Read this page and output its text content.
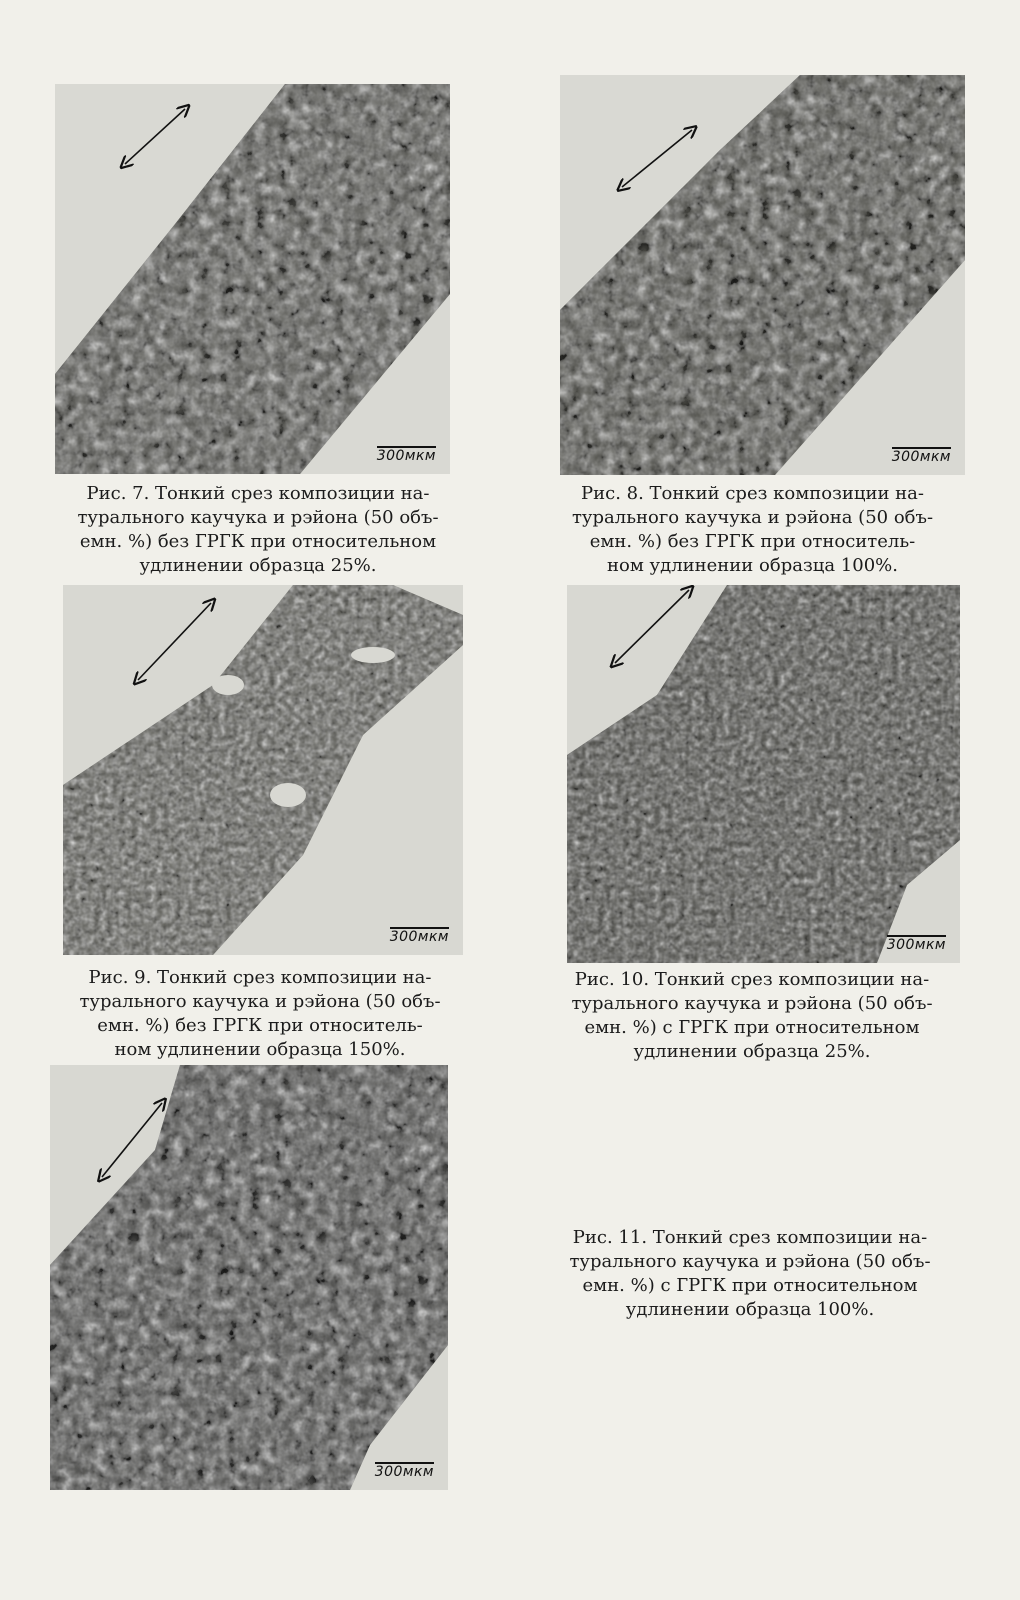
300мкм
Рис. 7. Тонкий срез композиции на-
турального каучука и рэйона (50 объ-
емн. %) без ГРГК при относительном
удлинении образца 25%.
300мкм
Рис. 8. Тонкий срез композиции на-
турального каучука и рэйона (50 объ-
емн. %) без ГРГК при относитель-
ном удлинении образца 100%.
300мкм
Рис. 9. Тонкий срез композиции на-
турального каучука и рэйона (50 объ-
емн. %) без ГРГК при относитель-
ном удлинении образца 150%.
300мкм
Рис. 10. Тонкий срез композиции на-
турального каучука и рэйона (50 объ-
емн. %) с ГРГК при относительном
удлинении образца 25%.
300мкм
Рис. 11. Тонкий срез композиции на-
турального каучука и рэйона (50 объ-
емн. %) с ГРГК при относительном
удлинении образца 100%.
